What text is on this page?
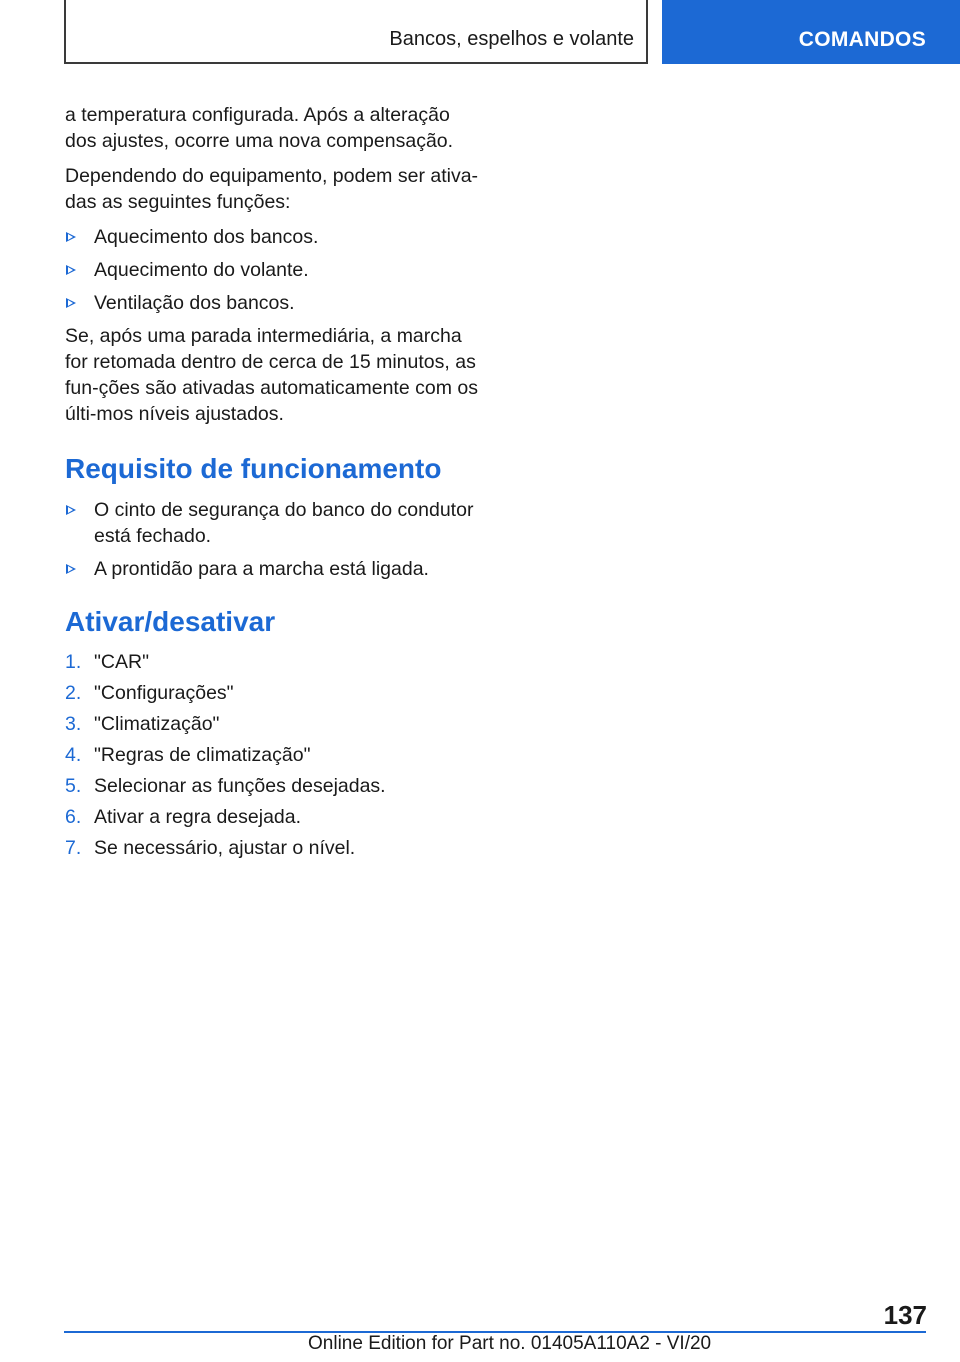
Bancos, espelhos e volante	COMANDOS

a temperatura configurada. Após a alteração dos ajustes, ocorre uma nova compensação.

Dependendo do equipamento, podem ser ativa-das as seguintes funções:

Aquecimento dos bancos.
Aquecimento do volante.
Ventilação dos bancos.

Se, após uma parada intermediária, a marcha for retomada dentro de cerca de 15 minutos, as fun-ções são ativadas automaticamente com os últi-mos níveis ajustados.

Requisito de funcionamento
O cinto de segurança do banco do condutor está fechado.
A prontidão para a marcha está ligada.
Ativar/desativar
1. "CAR"
2. "Configurações"
3. "Climatização"
4. "Regras de climatização"
5. Selecionar as funções desejadas.
6. Ativar a regra desejada.
7. Se necessário, ajustar o nível.
137
Online Edition for Part no. 01405A110A2 - VI/20
